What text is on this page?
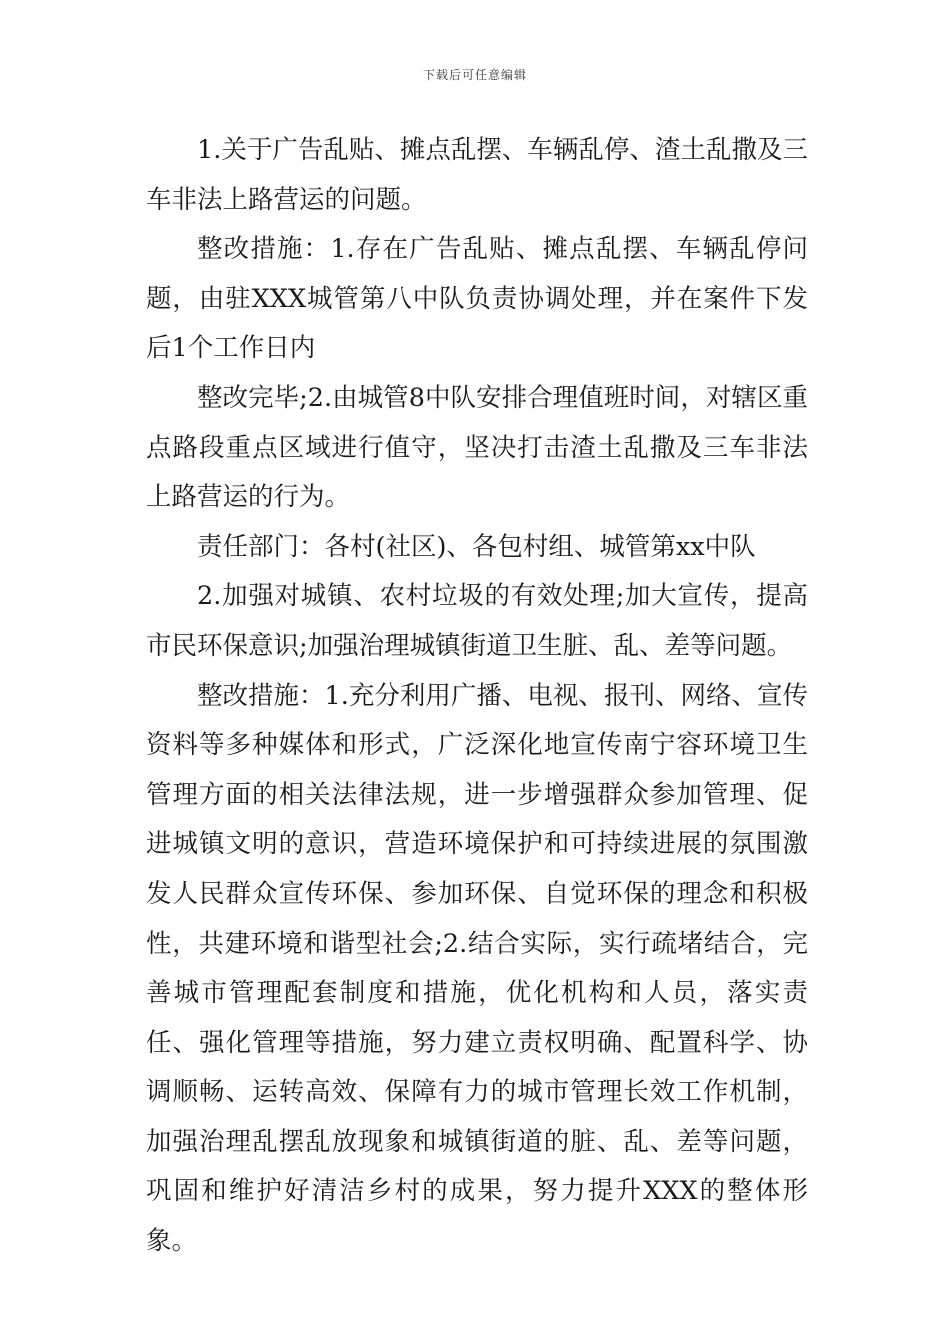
下载后可任意编辑

1.关于广告乱贴、摊点乱摆、车辆乱停、渣土乱撒及三车非法上路营运的问题。

整改措施：1.存在广告乱贴、摊点乱摆、车辆乱停问题，由驻XXX城管第八中队负责协调处理，并在案件下发后1个工作日内

整改完毕;2.由城管8中队安排合理值班时间，对辖区重点路段重点区域进行值守，坚决打击渣土乱撒及三车非法上路营运的行为。

责任部门：各村(社区)、各包村组、城管第xx中队

2.加强对城镇、农村垃圾的有效处理;加大宣传，提高市民环保意识;加强治理城镇街道卫生脏、乱、差等问题。

整改措施：1.充分利用广播、电视、报刊、网络、宣传资料等多种媒体和形式，广泛深化地宣传南宁容环境卫生管理方面的相关法律法规，进一步增强群众参加管理、促进城镇文明的意识，营造环境保护和可持续进展的氛围激发人民群众宣传环保、参加环保、自觉环保的理念和积极性，共建环境和谐型社会;2.结合实际，实行疏堵结合，完善城市管理配套制度和措施，优化机构和人员，落实责任、强化管理等措施，努力建立责权明确、配置科学、协调顺畅、运转高效、保障有力的城市管理长效工作机制，加强治理乱摆乱放现象和城镇街道的脏、乱、差等问题，巩固和维护好清洁乡村的成果，努力提升XXX的整体形象。
